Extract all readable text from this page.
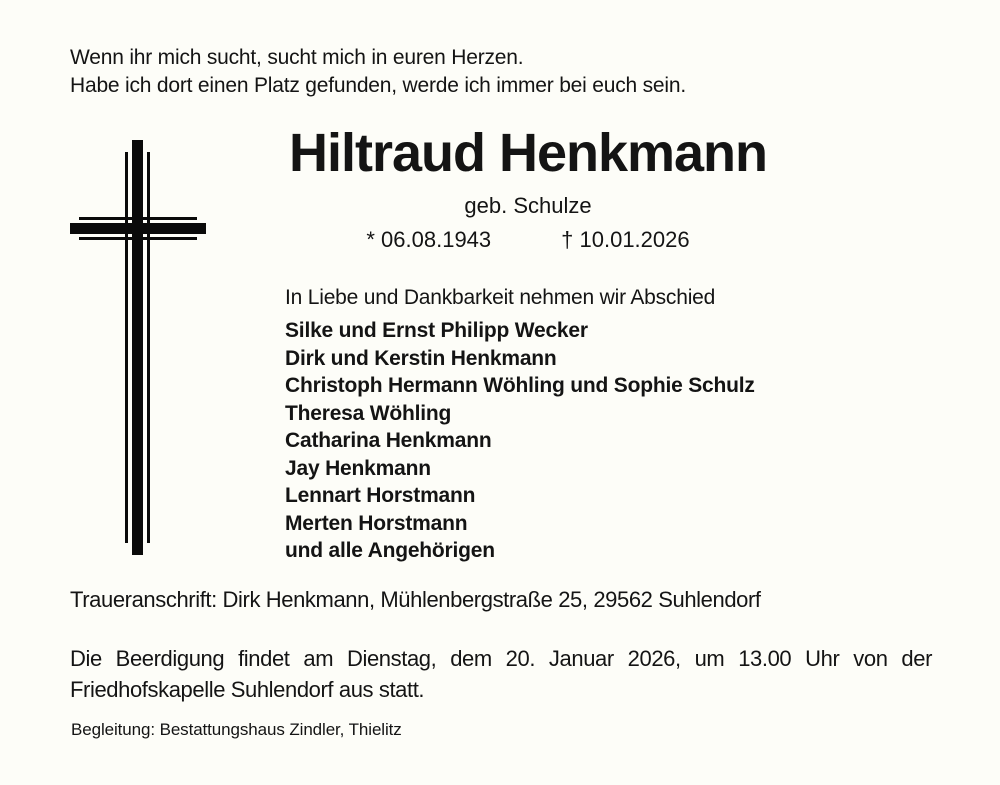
Wenn ihr mich sucht, sucht mich in euren Herzen.
Habe ich dort einen Platz gefunden, werde ich immer bei euch sein.
Hiltraud Henkmann
geb. Schulze
* 06.08.1943	† 10.01.2026
In Liebe und Dankbarkeit nehmen wir Abschied
Silke und Ernst Philipp Wecker
Dirk und Kerstin Henkmann
Christoph Hermann Wöhling und Sophie Schulz
Theresa Wöhling
Catharina Henkmann
Jay Henkmann
Lennart Horstmann
Merten Horstmann
und alle Angehörigen
Traueranschrift: Dirk Henkmann, Mühlenbergstraße 25, 29562 Suhlendorf
Die Beerdigung findet am Dienstag, dem 20. Januar 2026, um 13.00 Uhr von der Friedhofskapelle Suhlendorf aus statt.
Begleitung: Bestattungshaus Zindler, Thielitz
